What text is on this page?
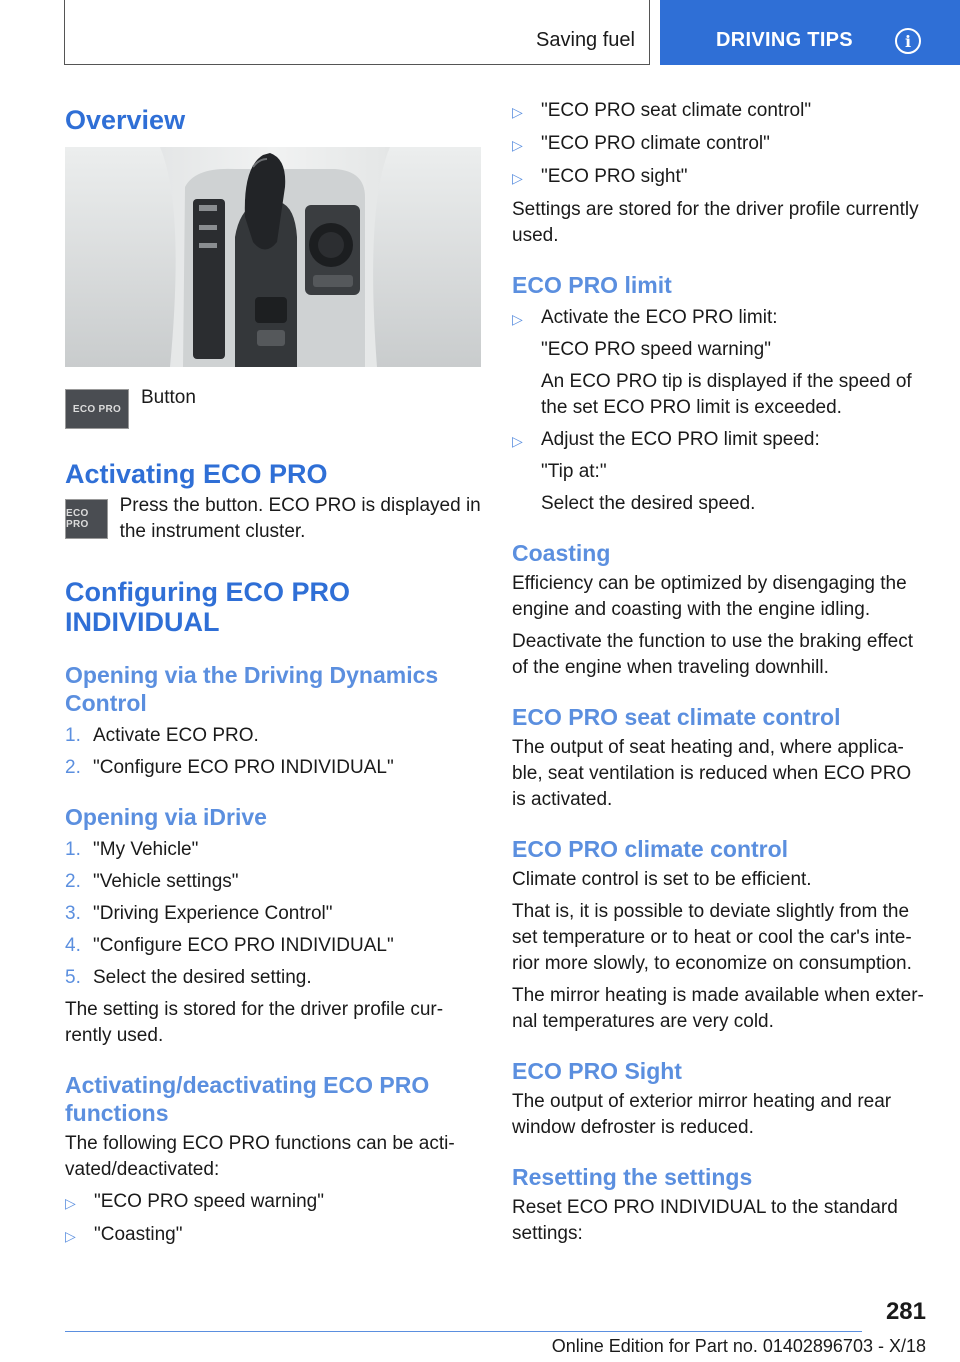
Saving fuel	DRIVING TIPS	i
Overview
ECO PRO

Button

Activating ECO PRO
ECO PRO

Press the button. ECO PRO is displayed in the instrument cluster.

Configuring ECO PRO INDIVIDUAL
Opening via the Driving Dynamics Control
1. Activate ECO PRO.
2. "Configure ECO PRO INDIVIDUAL"
Opening via iDrive
1. "My Vehicle"
2. "Vehicle settings"
3. "Driving Experience Control"
4. "Configure ECO PRO INDIVIDUAL"
5. Select the desired setting.

The setting is stored for the driver profile cur‐rently used.

Activating/deactivating ECO PRO functions

The following ECO PRO functions can be acti‐vated/deactivated:

▷ "ECO PRO speed warning"
▷ "Coasting"
▷ "ECO PRO seat climate control"
▷ "ECO PRO climate control"
▷ "ECO PRO sight"

Settings are stored for the driver profile currently used.

ECO PRO limit
▷ Activate the ECO PRO limit:

"ECO PRO speed warning"

An ECO PRO tip is displayed if the speed of the set ECO PRO limit is exceeded.

▷ Adjust the ECO PRO limit speed:

"Tip at:"

Select the desired speed.

Coasting

Efficiency can be optimized by disengaging the engine and coasting with the engine idling.

Deactivate the function to use the braking effect of the engine when traveling downhill.

ECO PRO seat climate control

The output of seat heating and, where applica‐ble, seat ventilation is reduced when ECO PRO is activated.

ECO PRO climate control

Climate control is set to be efficient.

That is, it is possible to deviate slightly from the set temperature or to heat or cool the car's inte‐rior more slowly, to economize on consumption.

The mirror heating is made available when exter‐nal temperatures are very cold.

ECO PRO Sight

The output of exterior mirror heating and rear window defroster is reduced.

Resetting the settings

Reset ECO PRO INDIVIDUAL to the standard settings:

281
Online Edition for Part no. 01402896703 - X/18
